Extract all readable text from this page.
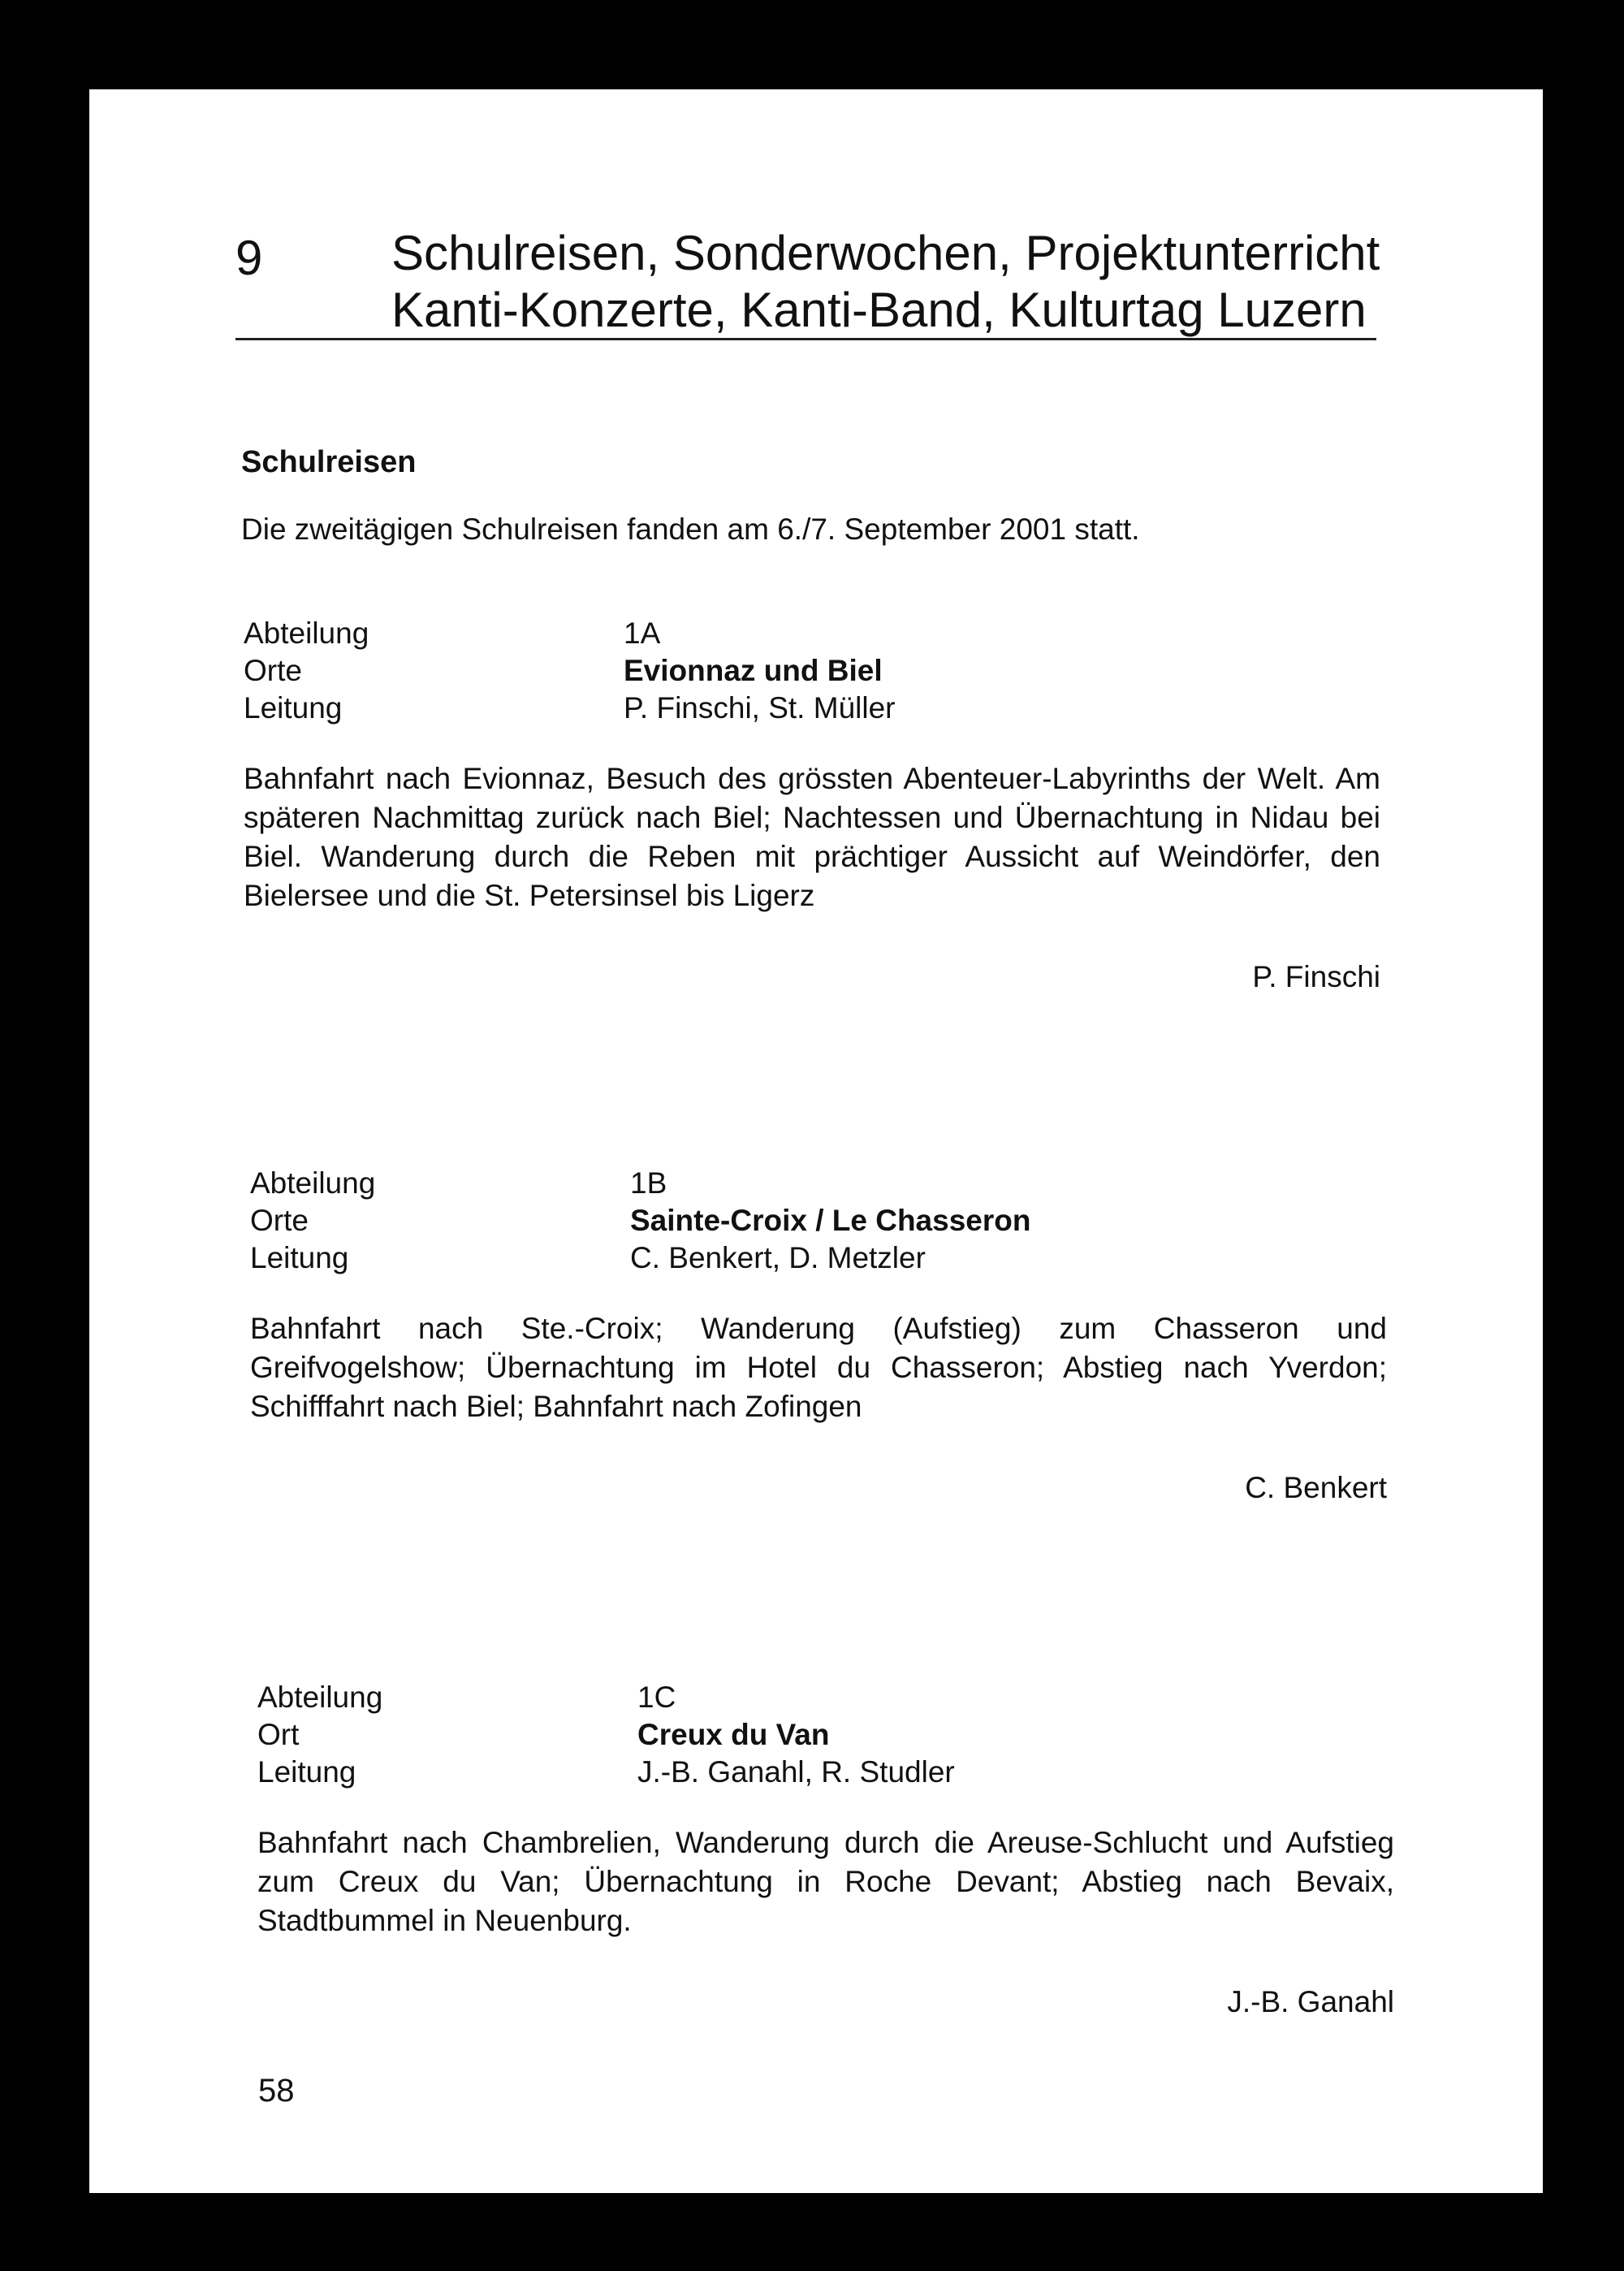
9	Schulreisen, Sonderwochen, Projektunterricht
Kanti-Konzerte, Kanti-Band, Kulturtag Luzern
Schulreisen
Die zweitägigen Schulreisen fanden am 6./7. September 2001 statt.
Abteilung	1A
Orte	Evionnaz und Biel
Leitung	P. Finschi, St. Müller
Bahnfahrt nach Evionnaz, Besuch des grössten Abenteuer-Labyrinths der Welt. Am späteren Nachmittag zurück nach Biel; Nachtessen und Übernachtung in Nidau bei Biel. Wanderung durch die Reben mit prächtiger Aussicht auf Weindörfer, den Bielersee und die St. Petersinsel bis Ligerz
P. Finschi
Abteilung	1B
Orte	Sainte-Croix / Le Chasseron
Leitung	C. Benkert, D. Metzler
Bahnfahrt nach Ste.-Croix; Wanderung (Aufstieg) zum Chasseron und Greifvogelshow; Übernachtung im Hotel du Chasseron; Abstieg nach Yverdon; Schifffahrt nach Biel; Bahnfahrt nach Zofingen
C. Benkert
Abteilung	1C
Ort	Creux du Van
Leitung	J.-B. Ganahl, R. Studler
Bahnfahrt nach Chambrelien, Wanderung durch die Areuse-Schlucht und Aufstieg zum Creux du Van; Übernachtung in Roche Devant; Abstieg nach Bevaix, Stadtbummel in Neuenburg.
J.-B. Ganahl
58
